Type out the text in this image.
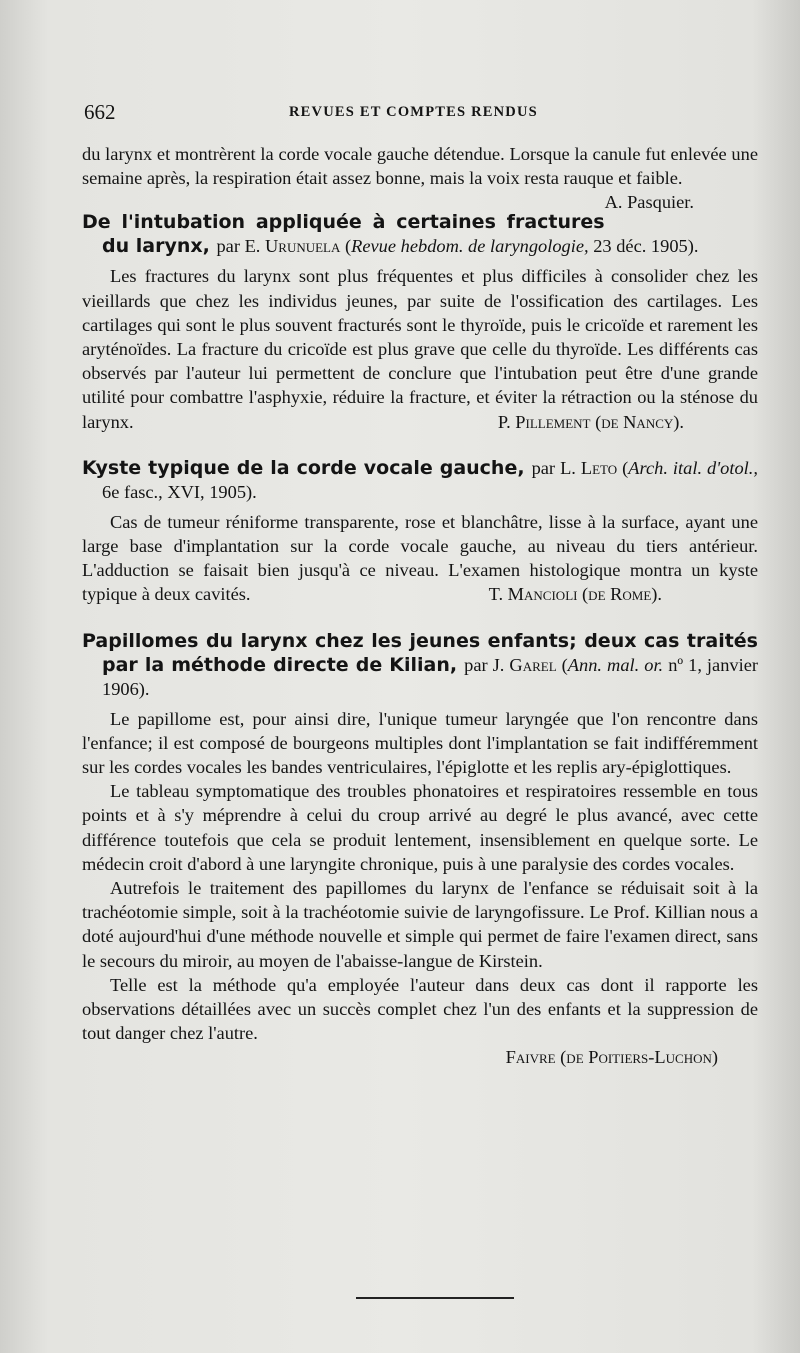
662	REVUES ET COMPTES RENDUS

du larynx et montrèrent la corde vocale gauche détendue. Lorsque la canule fut enlevée une semaine après, la respiration était assez bonne, mais la voix resta rauque et faible.
A. Pasquier.

De l'intubation appliquée à certaines fractures du larynx, par E. Urunuela (Revue hebdom. de laryngologie, 23 déc. 1905).

Les fractures du larynx sont plus fréquentes et plus difficiles à consolider chez les vieillards que chez les individus jeunes, par suite de l'ossification des cartilages. Les cartilages qui sont le plus souvent fracturés sont le thyroïde, puis le cricoïde et rarement les aryténoïdes. La fracture du cricoïde est plus grave que celle du thyroïde. Les différents cas observés par l'auteur lui permettent de conclure que l'intubation peut être d'une grande utilité pour combattre l'asphyxie, réduire la fracture, et éviter la rétraction ou la sténose du larynx.	P. Pillement (de Nancy).

Kyste typique de la corde vocale gauche, par L. Leto (Arch. ital. d'otol., 6e fasc., XVI, 1905).

Cas de tumeur réniforme transparente, rose et blanchâtre, lisse à la surface, ayant une large base d'implantation sur la corde vocale gauche, au niveau du tiers antérieur. L'adduction se faisait bien jusqu'à ce niveau. L'examen histologique montra un kyste typique à deux cavités.	T. Mancioli (de Rome).

Papillomes du larynx chez les jeunes enfants; deux cas traités par la méthode directe de Kilian, par J. Garel (Ann. mal. or. nº 1, janvier 1906).

Le papillome est, pour ainsi dire, l'unique tumeur laryngée que l'on rencontre dans l'enfance; il est composé de bourgeons multiples dont l'implantation se fait indifféremment sur les cordes vocales les bandes ventriculaires, l'épiglotte et les replis ary-épiglottiques.

Le tableau symptomatique des troubles phonatoires et respiratoires ressemble en tous points et à s'y méprendre à celui du croup arrivé au degré le plus avancé, avec cette différence toutefois que cela se produit lentement, insensiblement en quelque sorte. Le médecin croit d'abord à une laryngite chronique, puis à une paralysie des cordes vocales.

Autrefois le traitement des papillomes du larynx de l'enfance se réduisait soit à la trachéotomie simple, soit à la trachéotomie suivie de laryngofissure. Le Prof. Killian nous a doté aujourd'hui d'une méthode nouvelle et simple qui permet de faire l'examen direct, sans le secours du miroir, au moyen de l'abaisse-langue de Kirstein.

Telle est la méthode qu'a employée l'auteur dans deux cas dont il rapporte les observations détaillées avec un succès complet chez l'un des enfants et la suppression de tout danger chez l'autre.

Faivre (de Poitiers-Luchon)
